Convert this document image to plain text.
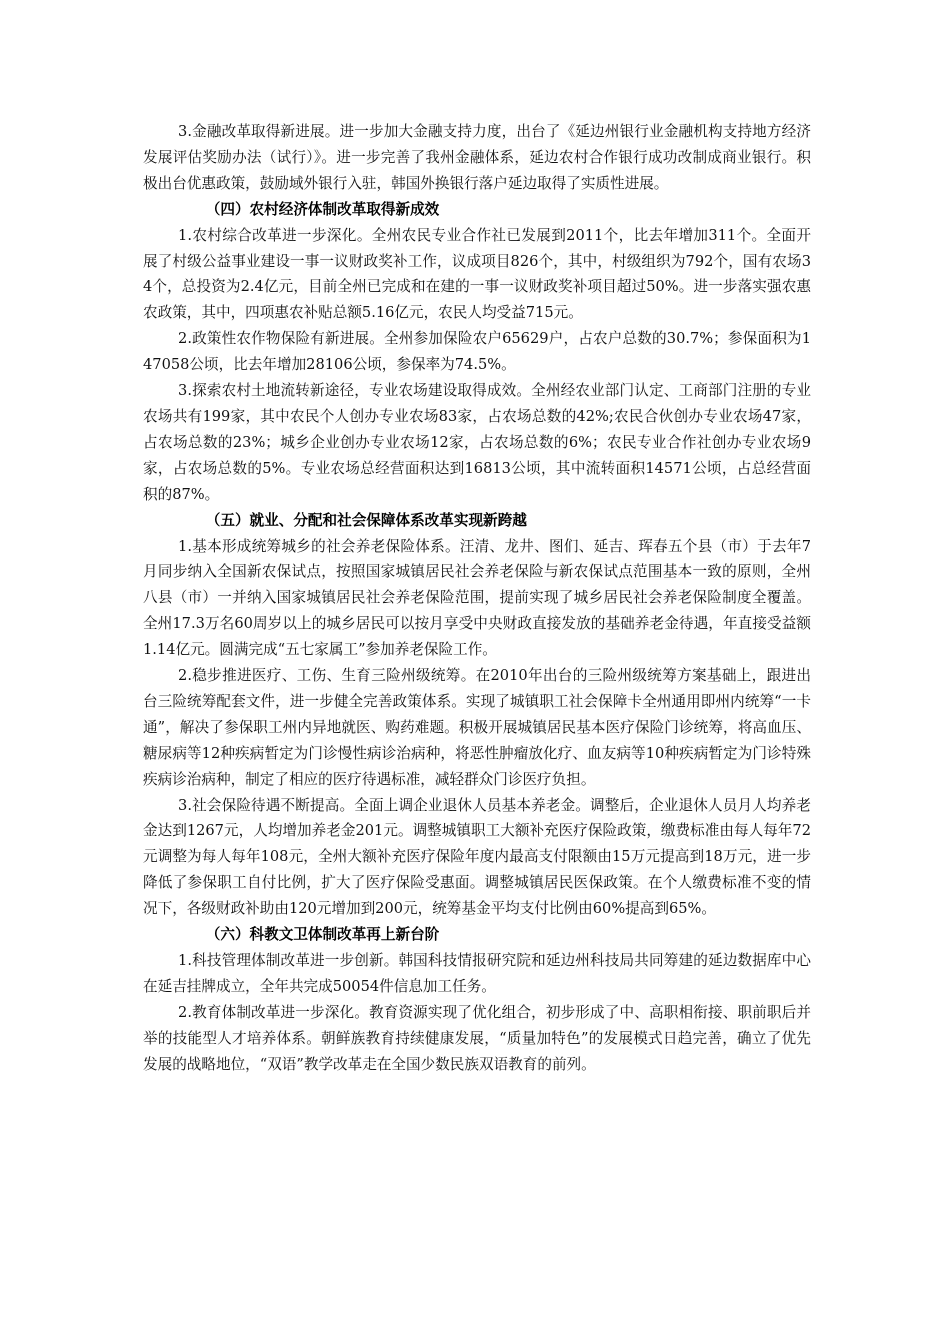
3.金融改革取得新进展。进一步加大金融支持力度，出台了《延边州银行业金融机构支持地方经济发展评估奖励办法（试行）》。进一步完善了我州金融体系，延边农村合作银行成功改制成商业银行。积极出台优惠政策，鼓励域外银行入驻，韩国外换银行落户延边取得了实质性进展。

（四）农村经济体制改革取得新成效

1.农村综合改革进一步深化。全州农民专业合作社已发展到2011个，比去年增加311个。全面开展了村级公益事业建设一事一议财政奖补工作，议成项目826个，其中，村级组织为792个，国有农场34个，总投资为2.4亿元，目前全州已完成和在建的一事一议财政奖补项目超过50%。进一步落实强农惠农政策，其中，四项惠农补贴总额5.16亿元，农民人均受益715元。

2.政策性农作物保险有新进展。全州参加保险农户65629户，占农户总数的30.7%；参保面积为147058公顷，比去年增加28106公顷，参保率为74.5%。

3.探索农村土地流转新途径，专业农场建设取得成效。全州经农业部门认定、工商部门注册的专业农场共有199家，其中农民个人创办专业农场83家，占农场总数的42%;农民合伙创办专业农场47家，占农场总数的23%；城乡企业创办专业农场12家，占农场总数的6%；农民专业合作社创办专业农场9家，占农场总数的5%。专业农场总经营面积达到16813公顷，其中流转面积14571公顷，占总经营面积的87%。

（五）就业、分配和社会保障体系改革实现新跨越

1.基本形成统筹城乡的社会养老保险体系。汪清、龙井、图们、延吉、珲春五个县（市）于去年7月同步纳入全国新农保试点，按照国家城镇居民社会养老保险与新农保试点范围基本一致的原则，全州八县（市）一并纳入国家城镇居民社会养老保险范围，提前实现了城乡居民社会养老保险制度全覆盖。全州17.3万名60周岁以上的城乡居民可以按月享受中央财政直接发放的基础养老金待遇，年直接受益额1.14亿元。圆满完成“五七家属工”参加养老保险工作。

2.稳步推进医疗、工伤、生育三险州级统筹。在2010年出台的三险州级统筹方案基础上，跟进出台三险统筹配套文件，进一步健全完善政策体系。实现了城镇职工社会保障卡全州通用即州内统筹“一卡通”，解决了参保职工州内异地就医、购药难题。积极开展城镇居民基本医疗保险门诊统筹，将高血压、糖尿病等12种疾病暂定为门诊慢性病诊治病种，将恶性肿瘤放化疗、血友病等10种疾病暂定为门诊特殊疾病诊治病种，制定了相应的医疗待遇标准，减轻群众门诊医疗负担。

3.社会保险待遇不断提高。全面上调企业退休人员基本养老金。调整后，企业退休人员月人均养老金达到1267元，人均增加养老金201元。调整城镇职工大额补充医疗保险政策，缴费标准由每人每年72元调整为每人每年108元，全州大额补充医疗保险年度内最高支付限额由15万元提高到18万元，进一步降低了参保职工自付比例，扩大了医疗保险受惠面。调整城镇居民医保政策。在个人缴费标准不变的情况下，各级财政补助由120元增加到200元，统筹基金平均支付比例由60%提高到65%。

（六）科教文卫体制改革再上新台阶

1.科技管理体制改革进一步创新。韩国科技情报研究院和延边州科技局共同筹建的延边数据库中心在延吉挂牌成立，全年共完成50054件信息加工任务。

2.教育体制改革进一步深化。教育资源实现了优化组合，初步形成了中、高职相衔接、职前职后并举的技能型人才培养体系。朝鲜族教育持续健康发展，“质量加特色”的发展模式日趋完善，确立了优先发展的战略地位，“双语”教学改革走在全国少数民族双语教育的前列。
